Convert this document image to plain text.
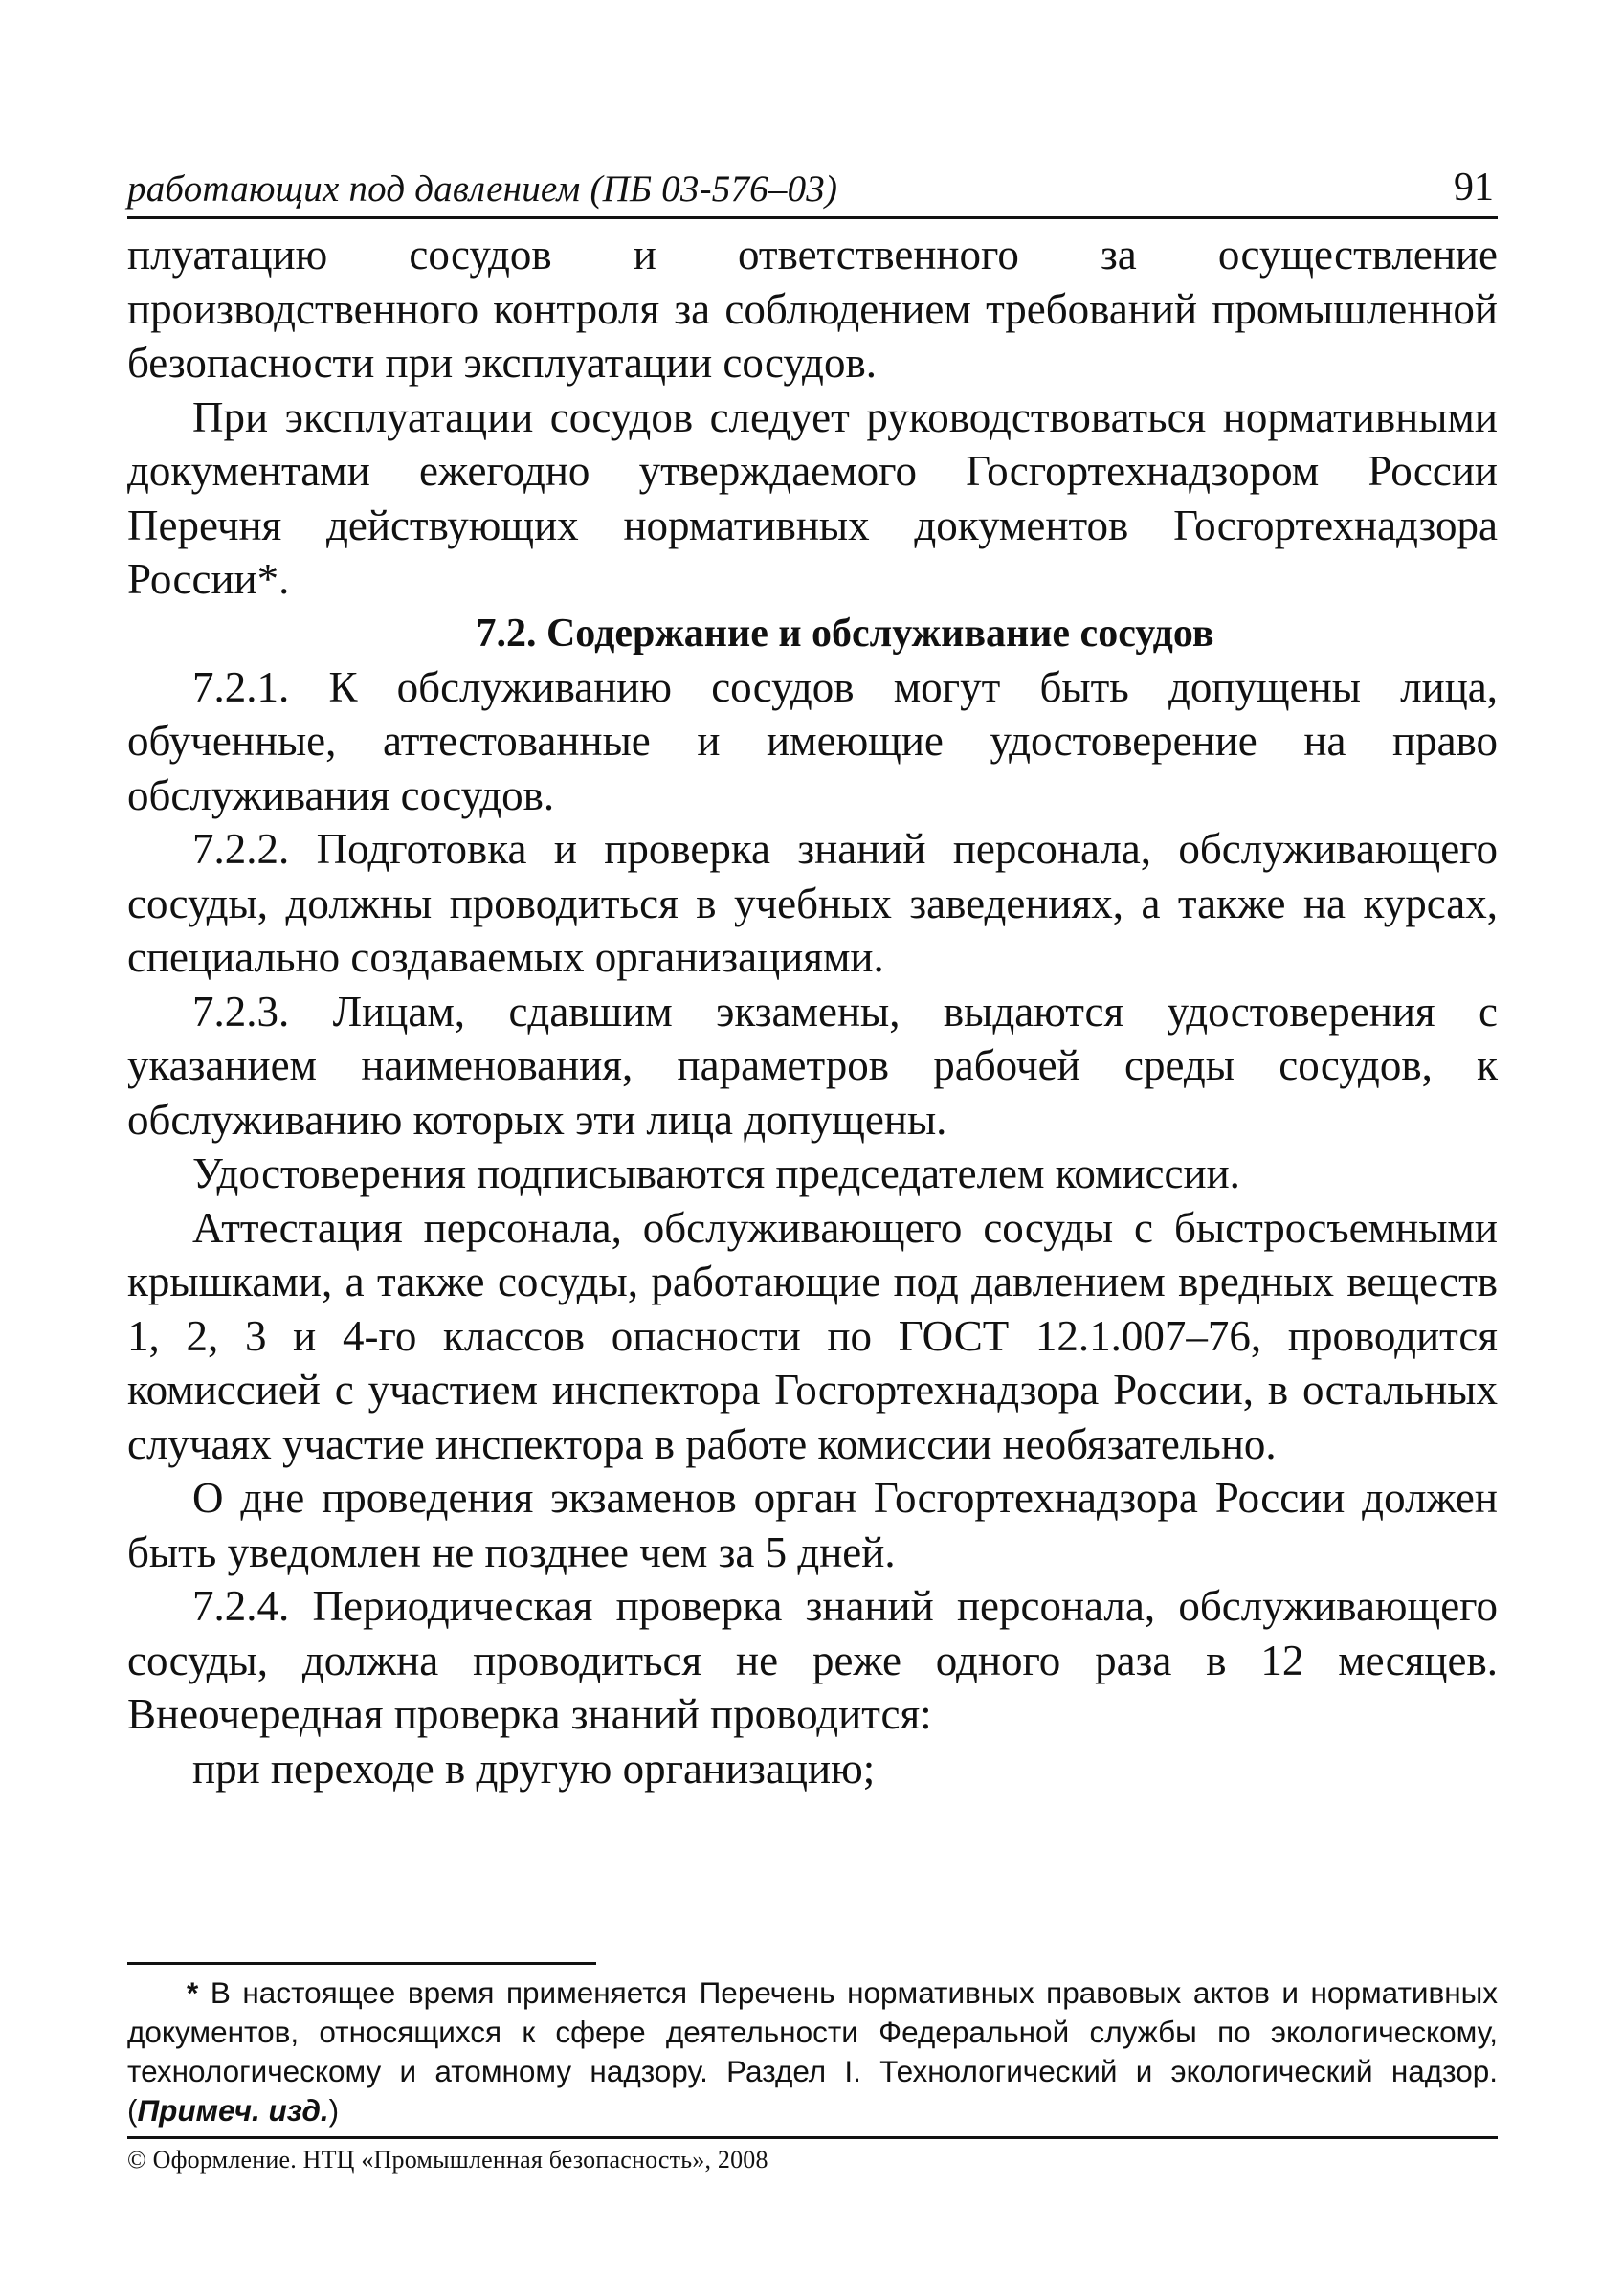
работающих под давлением (ПБ 03-576–03)	91

плуатацию сосудов и ответственного за осуществление производственного контроля за соблюдением требований промышленной безопасности при эксплуатации сосудов.

При эксплуатации сосудов следует руководствоваться нормативными документами ежегодно утверждаемого Госгортехнадзором России Перечня действующих нормативных документов Госгортехнадзора России*.

7.2. Содержание и обслуживание сосудов

7.2.1. К обслуживанию сосудов могут быть допущены лица, обученные, аттестованные и имеющие удостоверение на право обслуживания сосудов.

7.2.2. Подготовка и проверка знаний персонала, обслуживающего сосуды, должны проводиться в учебных заведениях, а также на курсах, специально создаваемых организациями.

7.2.3. Лицам, сдавшим экзамены, выдаются удостоверения с указанием наименования, параметров рабочей среды сосудов, к обслуживанию которых эти лица допущены.

Удостоверения подписываются председателем комиссии.

Аттестация персонала, обслуживающего сосуды с быстросъемными крышками, а также сосуды, работающие под давлением вредных веществ 1, 2, 3 и 4-го классов опасности по ГОСТ 12.1.007–76, проводится комиссией с участием инспектора Госгортехнадзора России, в остальных случаях участие инспектора в работе комиссии необязательно.

О дне проведения экзаменов орган Госгортехнадзора России должен быть уведомлен не позднее чем за 5 дней.

7.2.4. Периодическая проверка знаний персонала, обслуживающего сосуды, должна проводиться не реже одного раза в 12 месяцев. Внеочередная проверка знаний проводится:

при переходе в другую организацию;

* В настоящее время применяется Перечень нормативных правовых актов и нормативных документов, относящихся к сфере деятельности Федеральной службы по экологическому, технологическому и атомному надзору. Раздел I. Технологический и экологический надзор. (Примеч. изд.)

© Оформление. НТЦ «Промышленная безопасность», 2008
